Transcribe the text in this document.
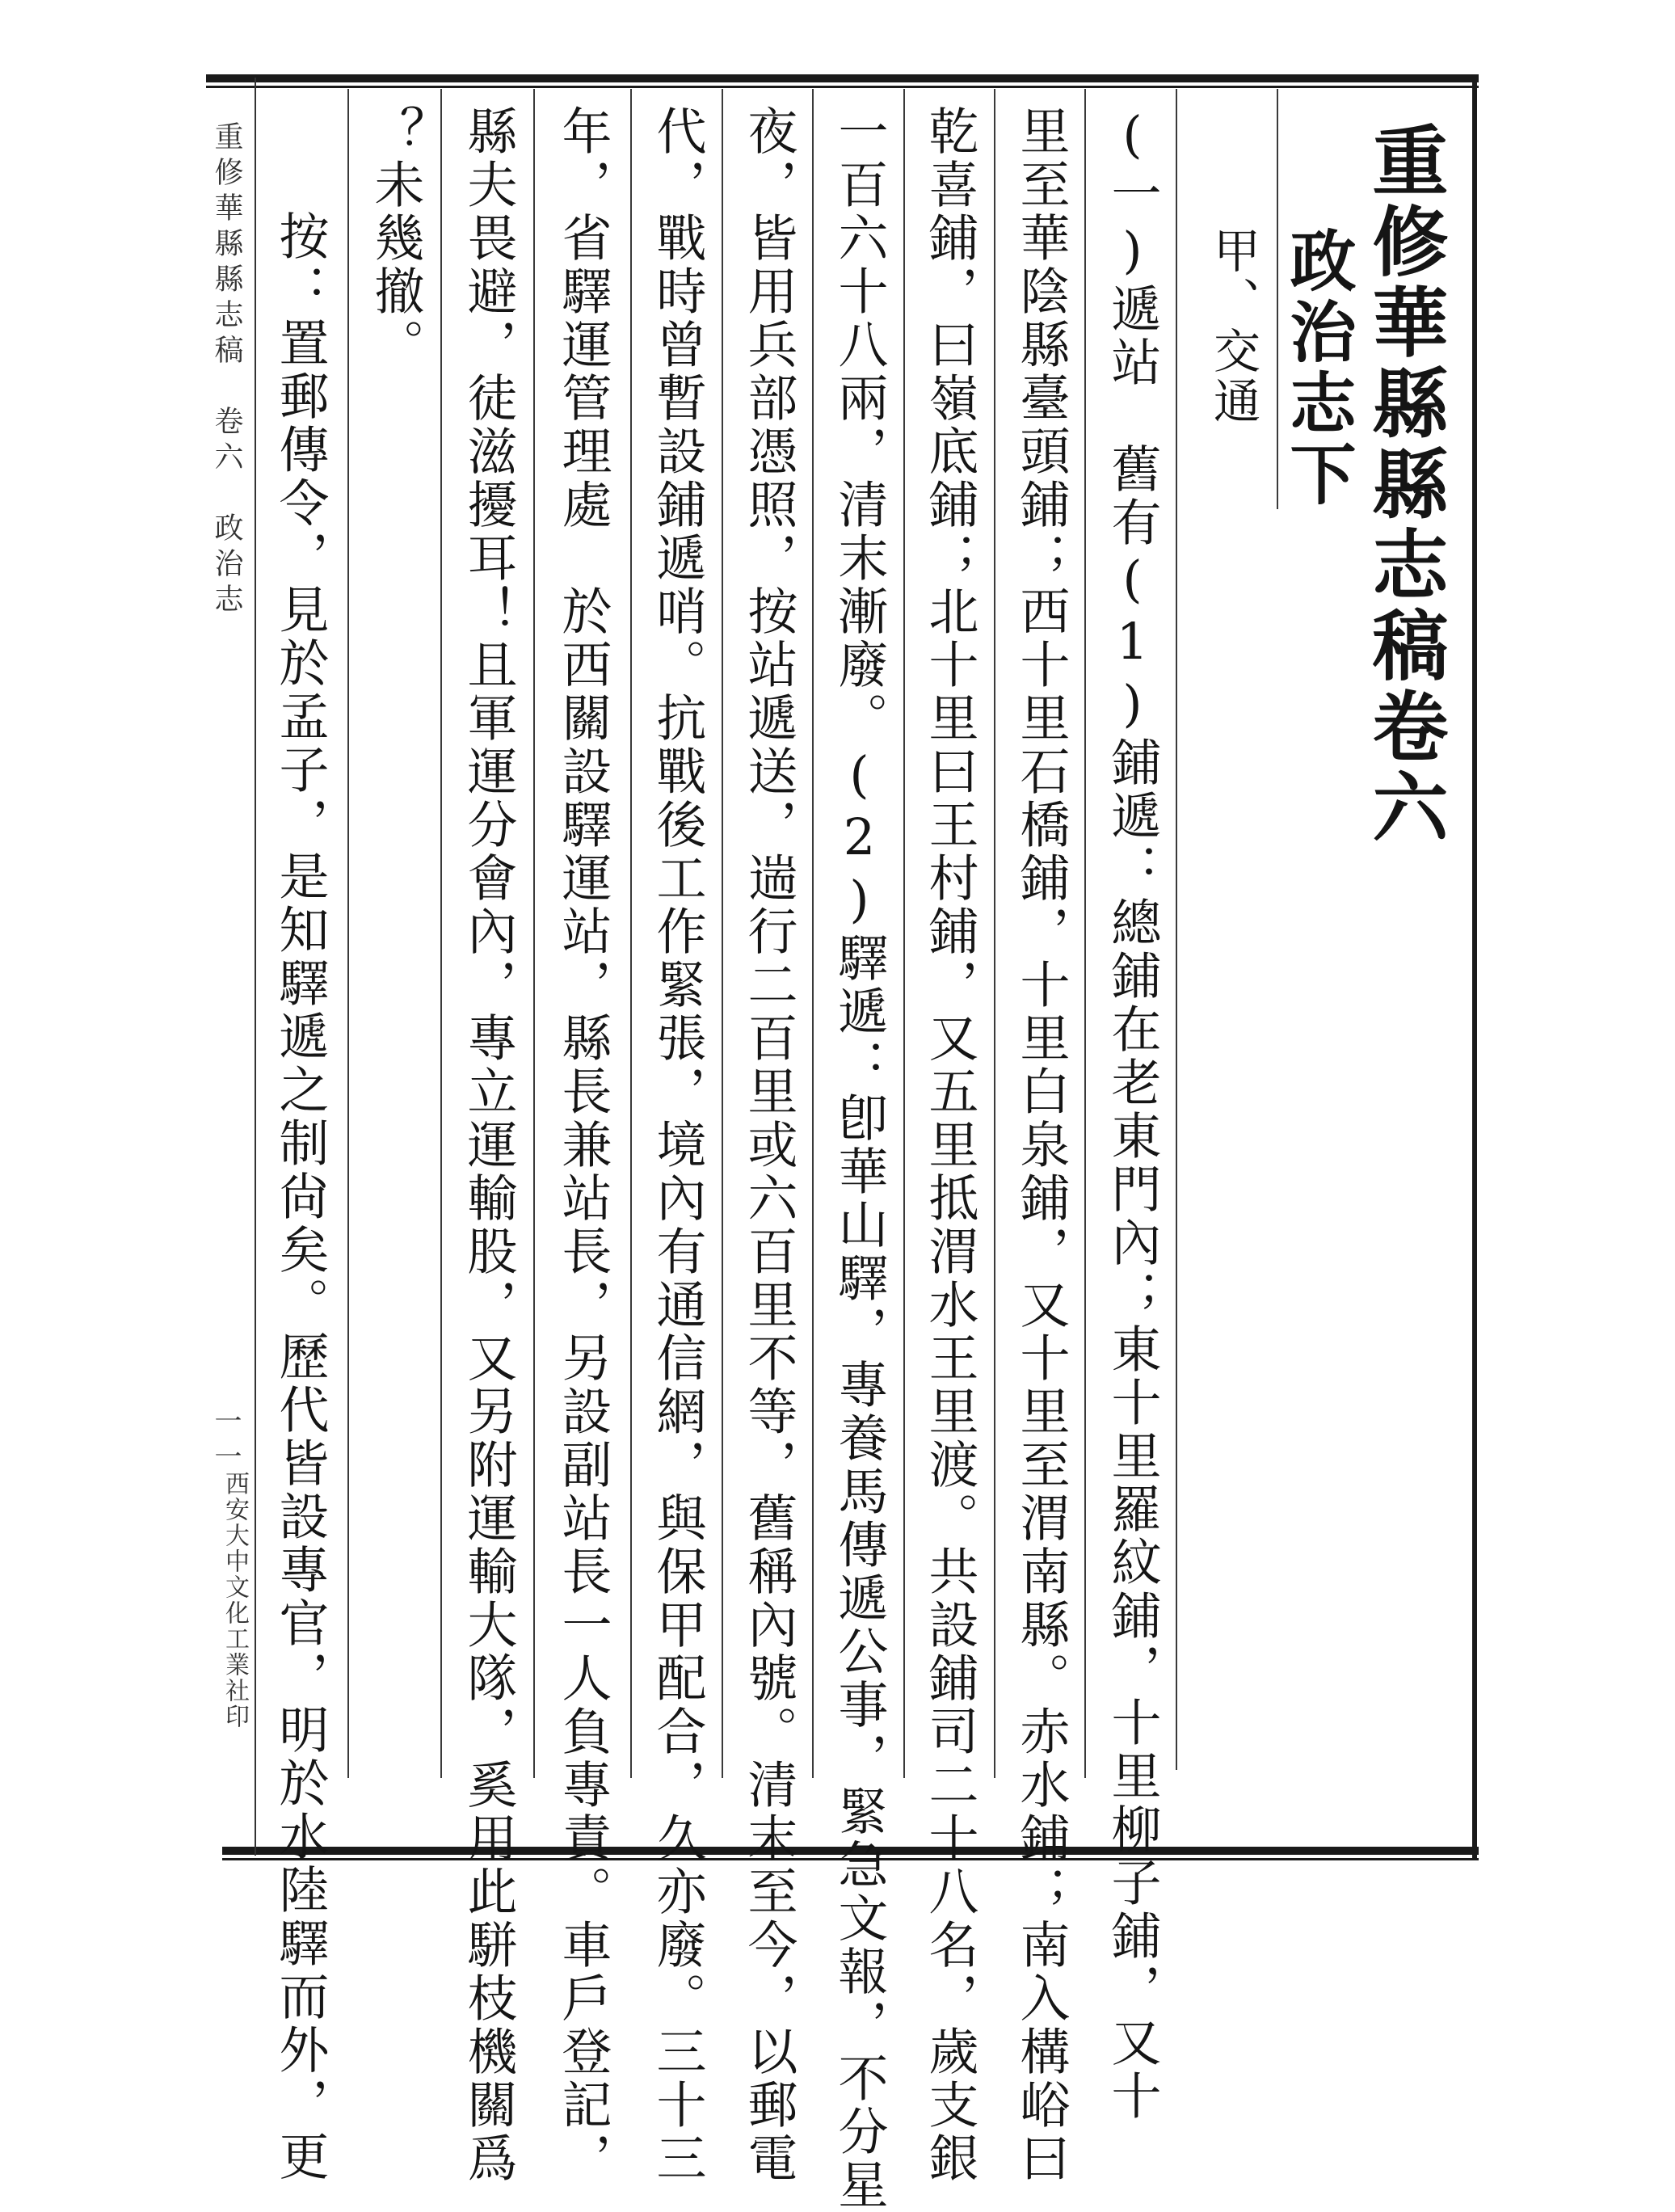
重修華縣縣志稿卷六
政治志下
甲、交通
(一)遞站　舊有(1)鋪遞：總鋪在老東門內；東十里羅紋鋪，十里柳子鋪，又十
里至華陰縣臺頭鋪；西十里石橋鋪，十里白泉鋪，又十里至渭南縣。赤水鋪；南入構峪曰
乾喜鋪，曰嶺底鋪；北十里曰王村鋪，又五里抵渭水王里渡。共設鋪司二十八名，歲支銀
一百六十八兩，清末漸廢。(2)驛遞：卽華山驛，專養馬傳遞公事，緊急文報，不分星
夜，皆用兵部憑照，按站遞送，遄行二百里或六百里不等，舊稱內號。清末至今，以郵電
代，戰時曾暫設鋪遞哨。抗戰後工作緊張，境內有通信網，與保甲配合，久亦廢。三十三
年，省驛運管理處　於西關設驛運站，縣長兼站長，另設副站長一人負專責。車戶登記，
縣夫畏避，徒滋擾耳！且軍運分會內，專立運輸股，又另附運輸大隊，奚用此駢枝機關爲
？未幾撤。
按：置郵傳令，見於孟子，是知驛遞之制尙矣。歷代皆設專官，明於水陸驛而外，更
重修華縣縣志稿　卷六　政治志
一一
西安大中文化工業社印
